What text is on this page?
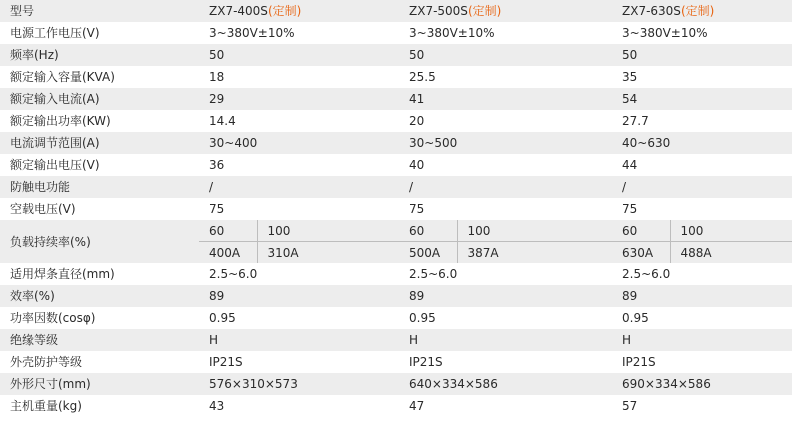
型号	ZX7-400S(定制)		ZX7-500S(定制)		ZX7-630S(定制)	
电源工作电压(V)	3~380V±10%		3~380V±10%		3~380V±10%	
频率(Hz)	50		50		50	
额定输入容量(KVA)	18		25.5		35	
额定输入电流(A)	29		41		54	
额定输出功率(KW)	14.4		20		27.7	
电流调节范围(A)	30~400		30~500		40~630	
额定输出电压(V)	36		40		44	
防触电功能	/		/		/	
空载电压(V)	75		75		75	
负载持续率(%)	60	100	60	100	60	100
	400A	310A	500A	387A	630A	488A
适用焊条直径(mm)	2.5~6.0		2.5~6.0		2.5~6.0	
效率(%)	89		89		89	
功率因数(cosφ)	0.95		0.95		0.95	
绝缘等级	H		H		H	
外壳防护等级	IP21S		IP21S		IP21S	
外形尺寸(mm)	576×310×573		640×334×586		690×334×586	
主机重量(kg)	43		47		57	
